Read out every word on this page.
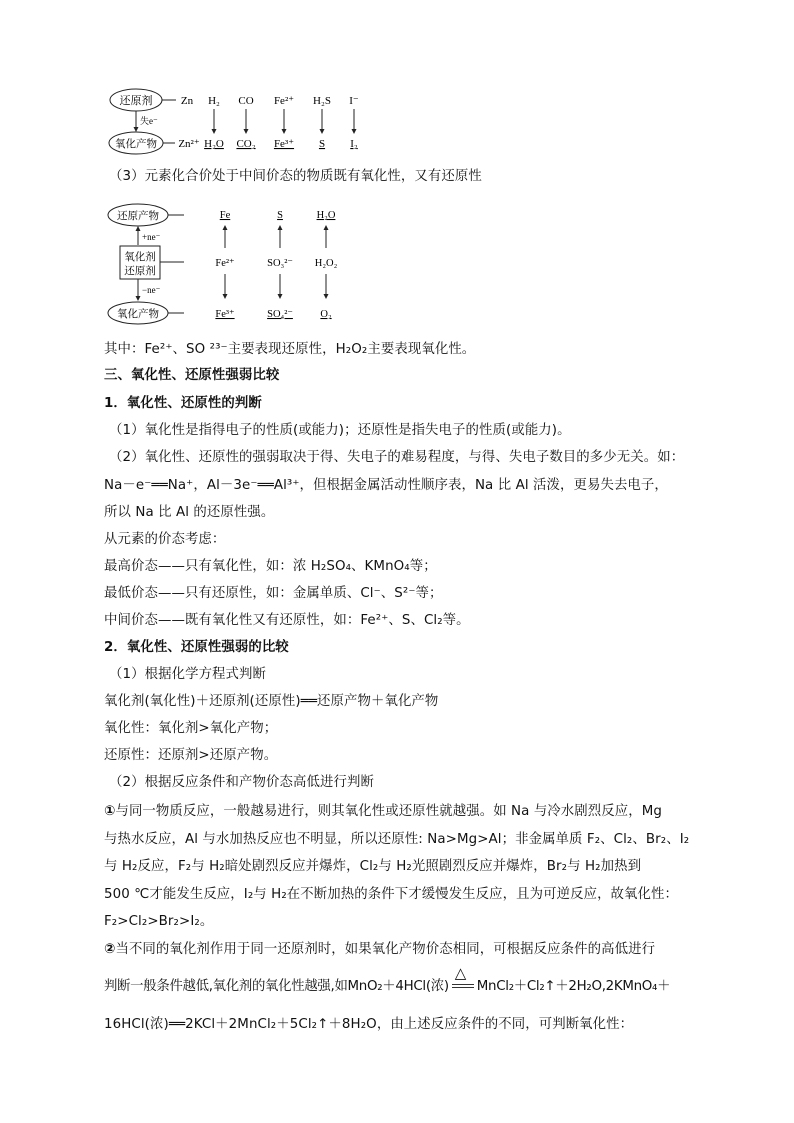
还原剂
氧化产物
失e⁻
Zn H₂ CO Fe²⁺ H₂S I⁻
Zn²⁺ H₂O CO₂ Fe³⁺ S I₂
（3）元素化合价处于中间价态的物质既有氧化性，又有还原性
还原产物
+ne⁻
氧化剂
还原剂
−ne⁻
氧化产物
Fe	S	H₂O
Fe²⁺	SO₃²⁻ H₂O₂
Fe³⁺	SO₄²⁻	O₂
其中：Fe²⁺、SO ²³⁻主要表现还原性，H₂O₂主要表现氧化性。
三、氧化性、还原性强弱比较
1．氧化性、还原性的判断
（1）氧化性是指得电子的性质(或能力)；还原性是指失电子的性质(或能力)。
（2）氧化性、还原性的强弱取决于得、失电子的难易程度，与得、失电子数目的多少无关。如：
Na－e⁻══Na⁺，Al－3e⁻══Al³⁺，但根据金属活动性顺序表，Na 比 Al 活泼，更易失去电子，
所以 Na 比 Al 的还原性强。
从元素的价态考虑：
最高价态——只有氧化性，如：浓 H₂SO₄、KMnO₄等；
最低价态——只有还原性，如：金属单质、Cl⁻、S²⁻等；
中间价态——既有氧化性又有还原性，如：Fe²⁺、S、Cl₂等。
2．氧化性、还原性强弱的比较
（1）根据化学方程式判断
氧化剂(氧化性)＋还原剂(还原性)══还原产物＋氧化产物
氧化性：氧化剂>氧化产物；
还原性：还原剂>还原产物。
（2）根据反应条件和产物价态高低进行判断
①与同一物质反应，一般越易进行，则其氧化性或还原性就越强。如 Na 与冷水剧烈反应，Mg
与热水反应，Al 与水加热反应也不明显，所以还原性: Na>Mg>Al；非金属单质 F₂、Cl₂、Br₂、I₂
与 H₂反应，F₂与 H₂暗处剧烈反应并爆炸，Cl₂与 H₂光照剧烈反应并爆炸，Br₂与 H₂加热到
500 ℃才能发生反应，I₂与 H₂在不断加热的条件下才缓慢发生反应，且为可逆反应，故氧化性：
F₂>Cl₂>Br₂>I₂。
②当不同的氧化剂作用于同一还原剂时，如果氧化产物价态相同，可根据反应条件的高低进行
判断一般条件越低,氧化剂的氧化性越强,如MnO₂＋4HCl(浓)
△
MnCl₂＋Cl₂↑＋2H₂O,2KMnO₄＋
16HCl(浓)══2KCl＋2MnCl₂＋5Cl₂↑＋8H₂O，由上述反应条件的不同，可判断氧化性：
